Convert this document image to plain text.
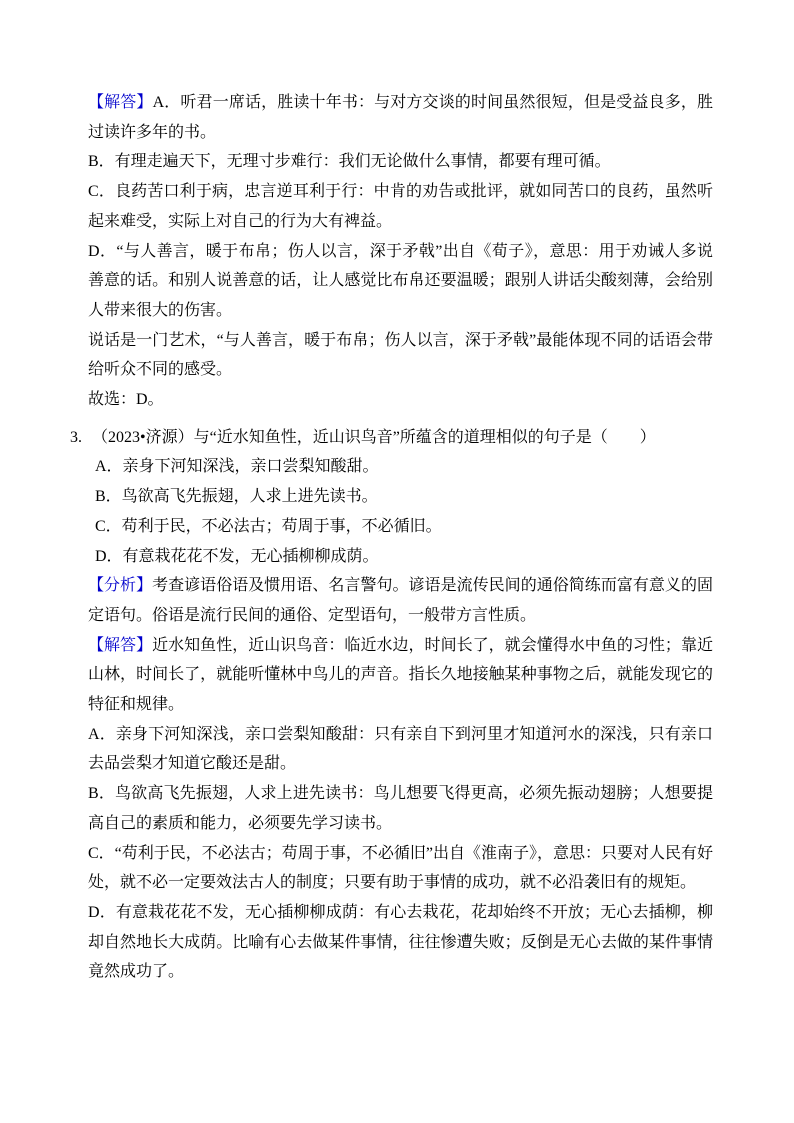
【解答】A．听君一席话，胜读十年书：与对方交谈的时间虽然很短，但是受益良多，胜过读许多年的书。

B．有理走遍天下，无理寸步难行：我们无论做什么事情，都要有理可循。

C．良药苦口利于病，忠言逆耳利于行：中肯的劝告或批评，就如同苦口的良药，虽然听起来难受，实际上对自己的行为大有裨益。

D．“与人善言，暖于布帛；伤人以言，深于矛戟”出自《荀子》，意思：用于劝诫人多说善意的话。和别人说善意的话，让人感觉比布帛还要温暖；跟别人讲话尖酸刻薄，会给别人带来很大的伤害。

说话是一门艺术，“与人善言，暖于布帛；伤人以言，深于矛戟”最能体现不同的话语会带给听众不同的感受。

故选：D。

3. （2023•济源）与“近水知鱼性，近山识鸟音”所蕴含的道理相似的句子是（　　）

A．亲身下河知深浅，亲口尝梨知酸甜。

B．鸟欲高飞先振翅，人求上进先读书。

C．苟利于民，不必法古；苟周于事，不必循旧。

D．有意栽花花不发，无心插柳柳成荫。

【分析】考查谚语俗语及惯用语、名言警句。谚语是流传民间的通俗简练而富有意义的固定语句。俗语是流行民间的通俗、定型语句，一般带方言性质。

【解答】近水知鱼性，近山识鸟音：临近水边，时间长了，就会懂得水中鱼的习性；靠近山林，时间长了，就能听懂林中鸟儿的声音。指长久地接触某种事物之后，就能发现它的特征和规律。

A．亲身下河知深浅，亲口尝梨知酸甜：只有亲自下到河里才知道河水的深浅，只有亲口去品尝梨才知道它酸还是甜。

B．鸟欲高飞先振翅，人求上进先读书：鸟儿想要飞得更高，必须先振动翅膀；人想要提高自己的素质和能力，必须要先学习读书。

C．“苟利于民，不必法古；苟周于事，不必循旧”出自《淮南子》，意思：只要对人民有好处，就不必一定要效法古人的制度；只要有助于事情的成功，就不必沿袭旧有的规矩。

D．有意栽花花不发，无心插柳柳成荫：有心去栽花，花却始终不开放；无心去插柳，柳却自然地长大成荫。比喻有心去做某件事情，往往惨遭失败；反倒是无心去做的某件事情竟然成功了。
